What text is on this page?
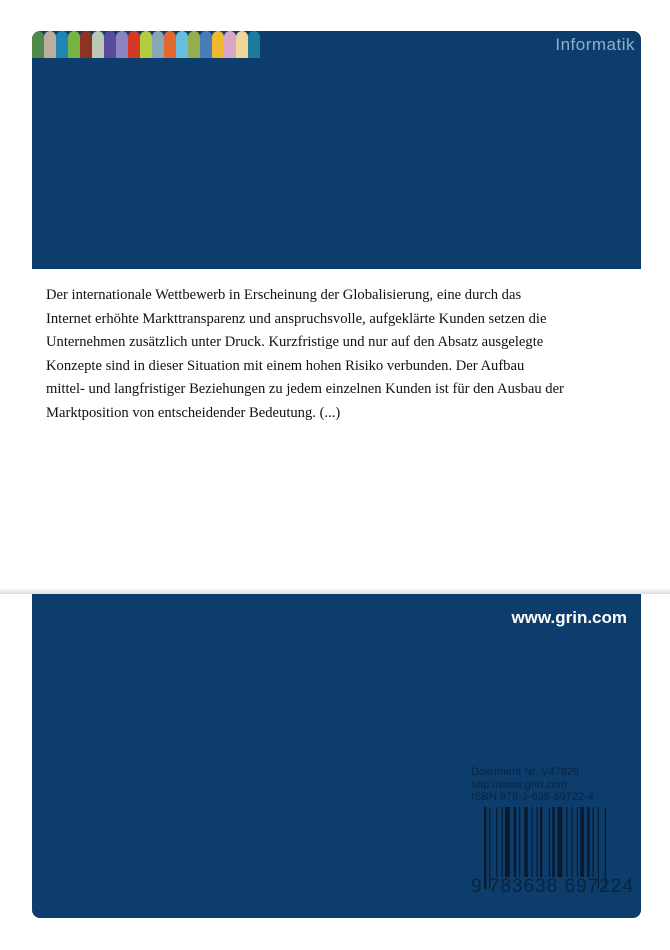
Informatik
Der internationale Wettbewerb in Erscheinung der Globalisierung, eine durch das Internet erhöhte Markttransparenz und anspruchsvolle, aufgeklärte Kunden setzen die Unternehmen zusätzlich unter Druck. Kurzfristige und nur auf den Absatz ausgelegte Konzepte sind in dieser Situation mit einem hohen Risiko verbunden. Der Aufbau mittel- und langfristiger Beziehungen zu jedem einzelnen Kunden ist für den Ausbau der Marktposition von entscheidender Bedeutung. (...)
www.grin.com
Dokument Nr. V47829
http://www.grin.com
ISBN 978-3-638-69722-4
9 783638 697224
